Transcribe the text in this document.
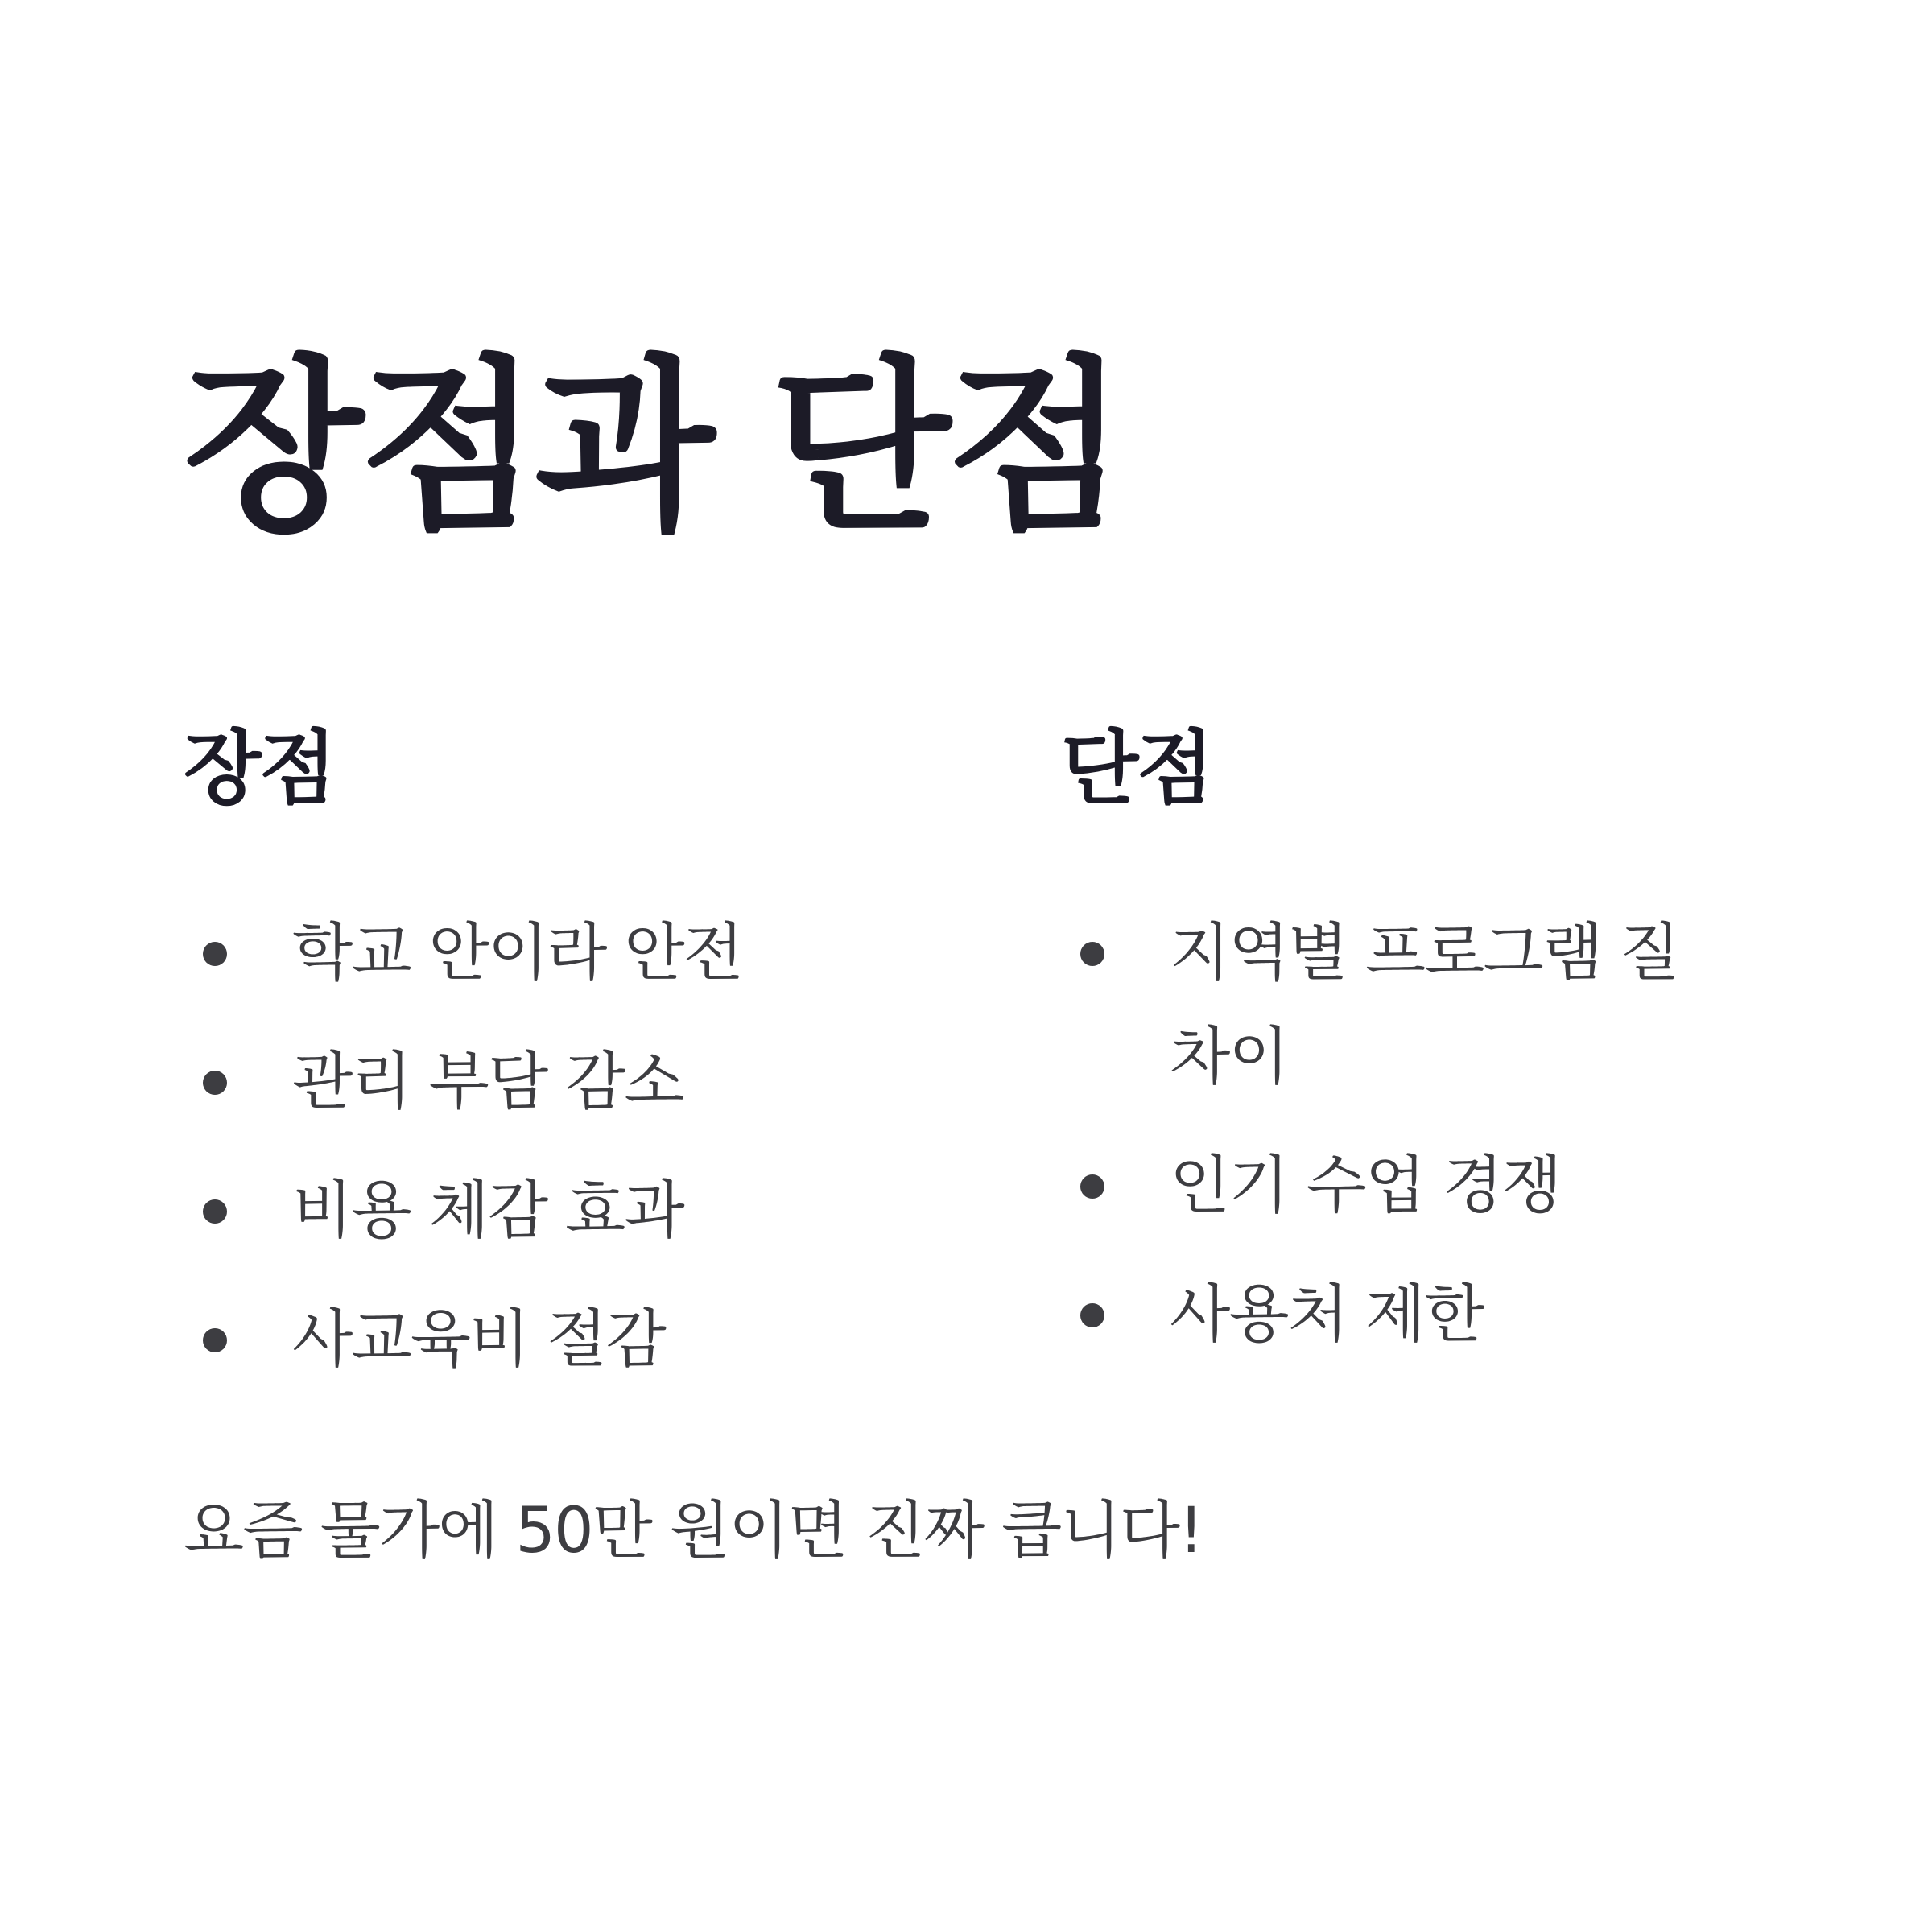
장점과 단점
장점
학교 안이라 안전
관리 부담 감소
비용 체감 효과
사교육비 절감
단점
지역별 프로그램 질 차이
인기 수업 경쟁
사용처 제한

요즘 물가에 50만 원이면 진짜 큽니다!
